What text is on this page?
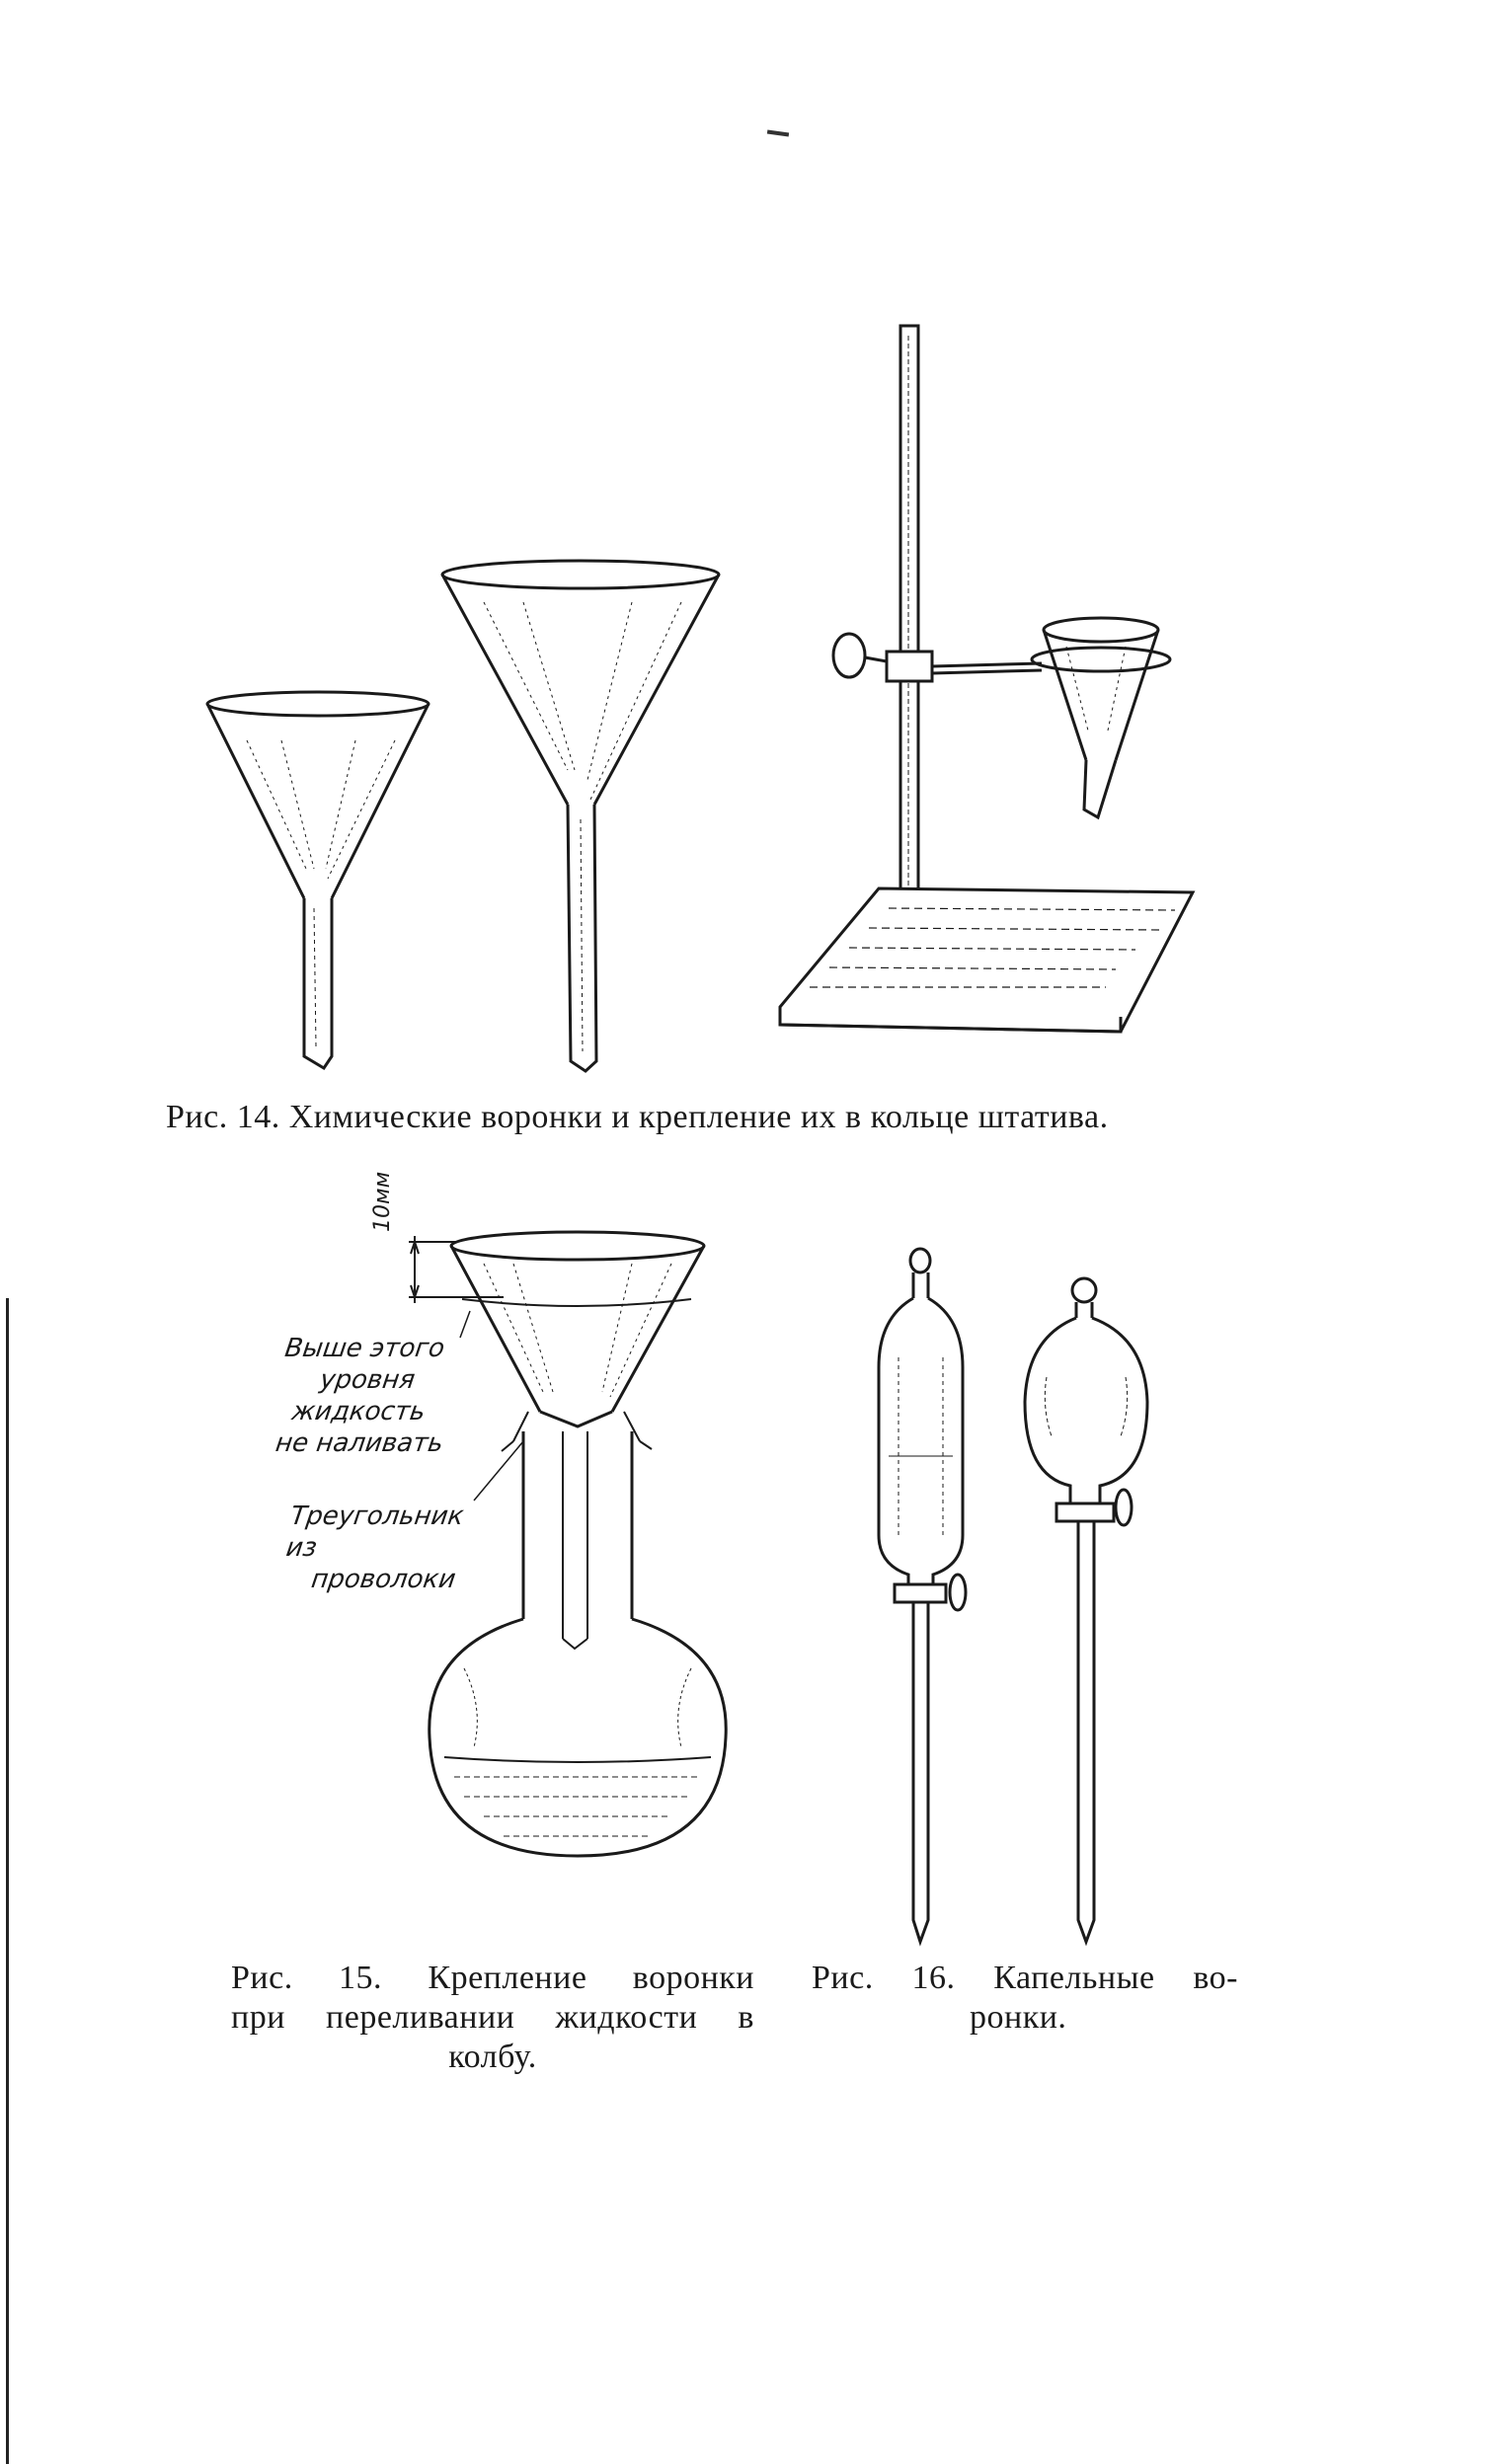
Рис. 14. Химические воронки и крепление их в кольце штатива.
10мм
Выше этого
уровня
жидкость
не наливать
Треугольник из
проволоки
Рис. 15. Крепление воронки
при переливании жидкости в
колбу.
Рис. 16. Капельные во-
ронки.
